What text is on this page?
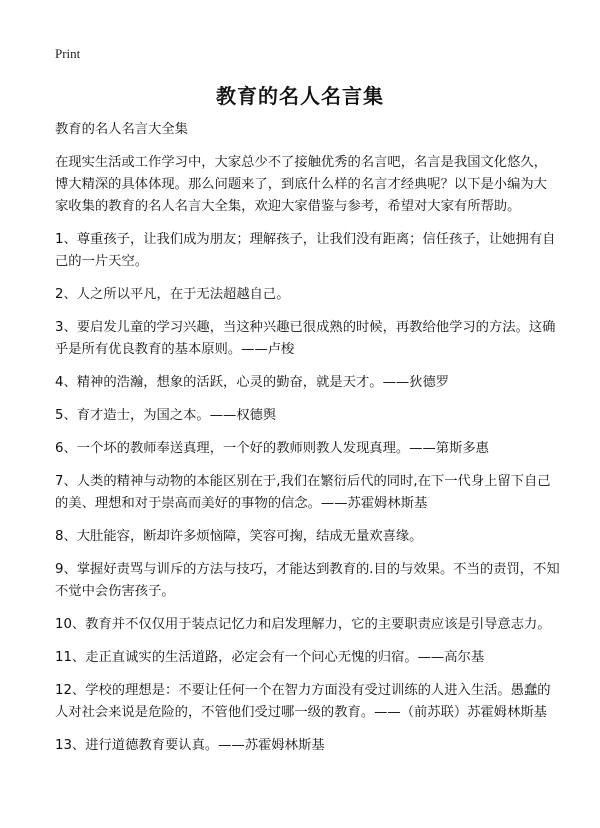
Print
教育的名人名言集

教育的名人名言大全集

在现实生活或工作学习中，大家总少不了接触优秀的名言吧，名言是我国文化悠久，博大精深的具体体现。那么问题来了，到底什么样的名言才经典呢？以下是小编为大家收集的教育的名人名言大全集，欢迎大家借鉴与参考，希望对大家有所帮助。

1、尊重孩子，让我们成为朋友；理解孩子，让我们没有距离；信任孩子，让她拥有自己的一片天空。

2、人之所以平凡，在于无法超越自己。

3、要启发儿童的学习兴趣，当这种兴趣已很成熟的时候，再教给他学习的方法。这确乎是所有优良教育的基本原则。——卢梭

4、精神的浩瀚，想象的活跃，心灵的勤奋，就是天才。——狄德罗

5、育才造士，为国之本。——权德舆

6、一个坏的教师奉送真理，一个好的教师则教人发现真理。——第斯多惠

7、人类的精神与动物的本能区别在于,我们在繁衍后代的同时,在下一代身上留下自己的美、理想和对于崇高而美好的事物的信念。——苏霍姆林斯基

8、大肚能容，断却许多烦恼障，笑容可掬，结成无量欢喜缘。

9、掌握好责骂与训斥的方法与技巧，才能达到教育的.目的与效果。不当的责罚，不知不觉中会伤害孩子。

10、教育并不仅仅用于装点记忆力和启发理解力，它的主要职责应该是引导意志力。

11、走正直诚实的生活道路，必定会有一个问心无愧的归宿。——高尔基

12、学校的理想是：不要让任何一个在智力方面没有受过训练的人进入生活。愚蠢的人对社会来说是危险的，不管他们受过哪一级的教育。——（前苏联）苏霍姆林斯基

13、进行道德教育要认真。——苏霍姆林斯基
